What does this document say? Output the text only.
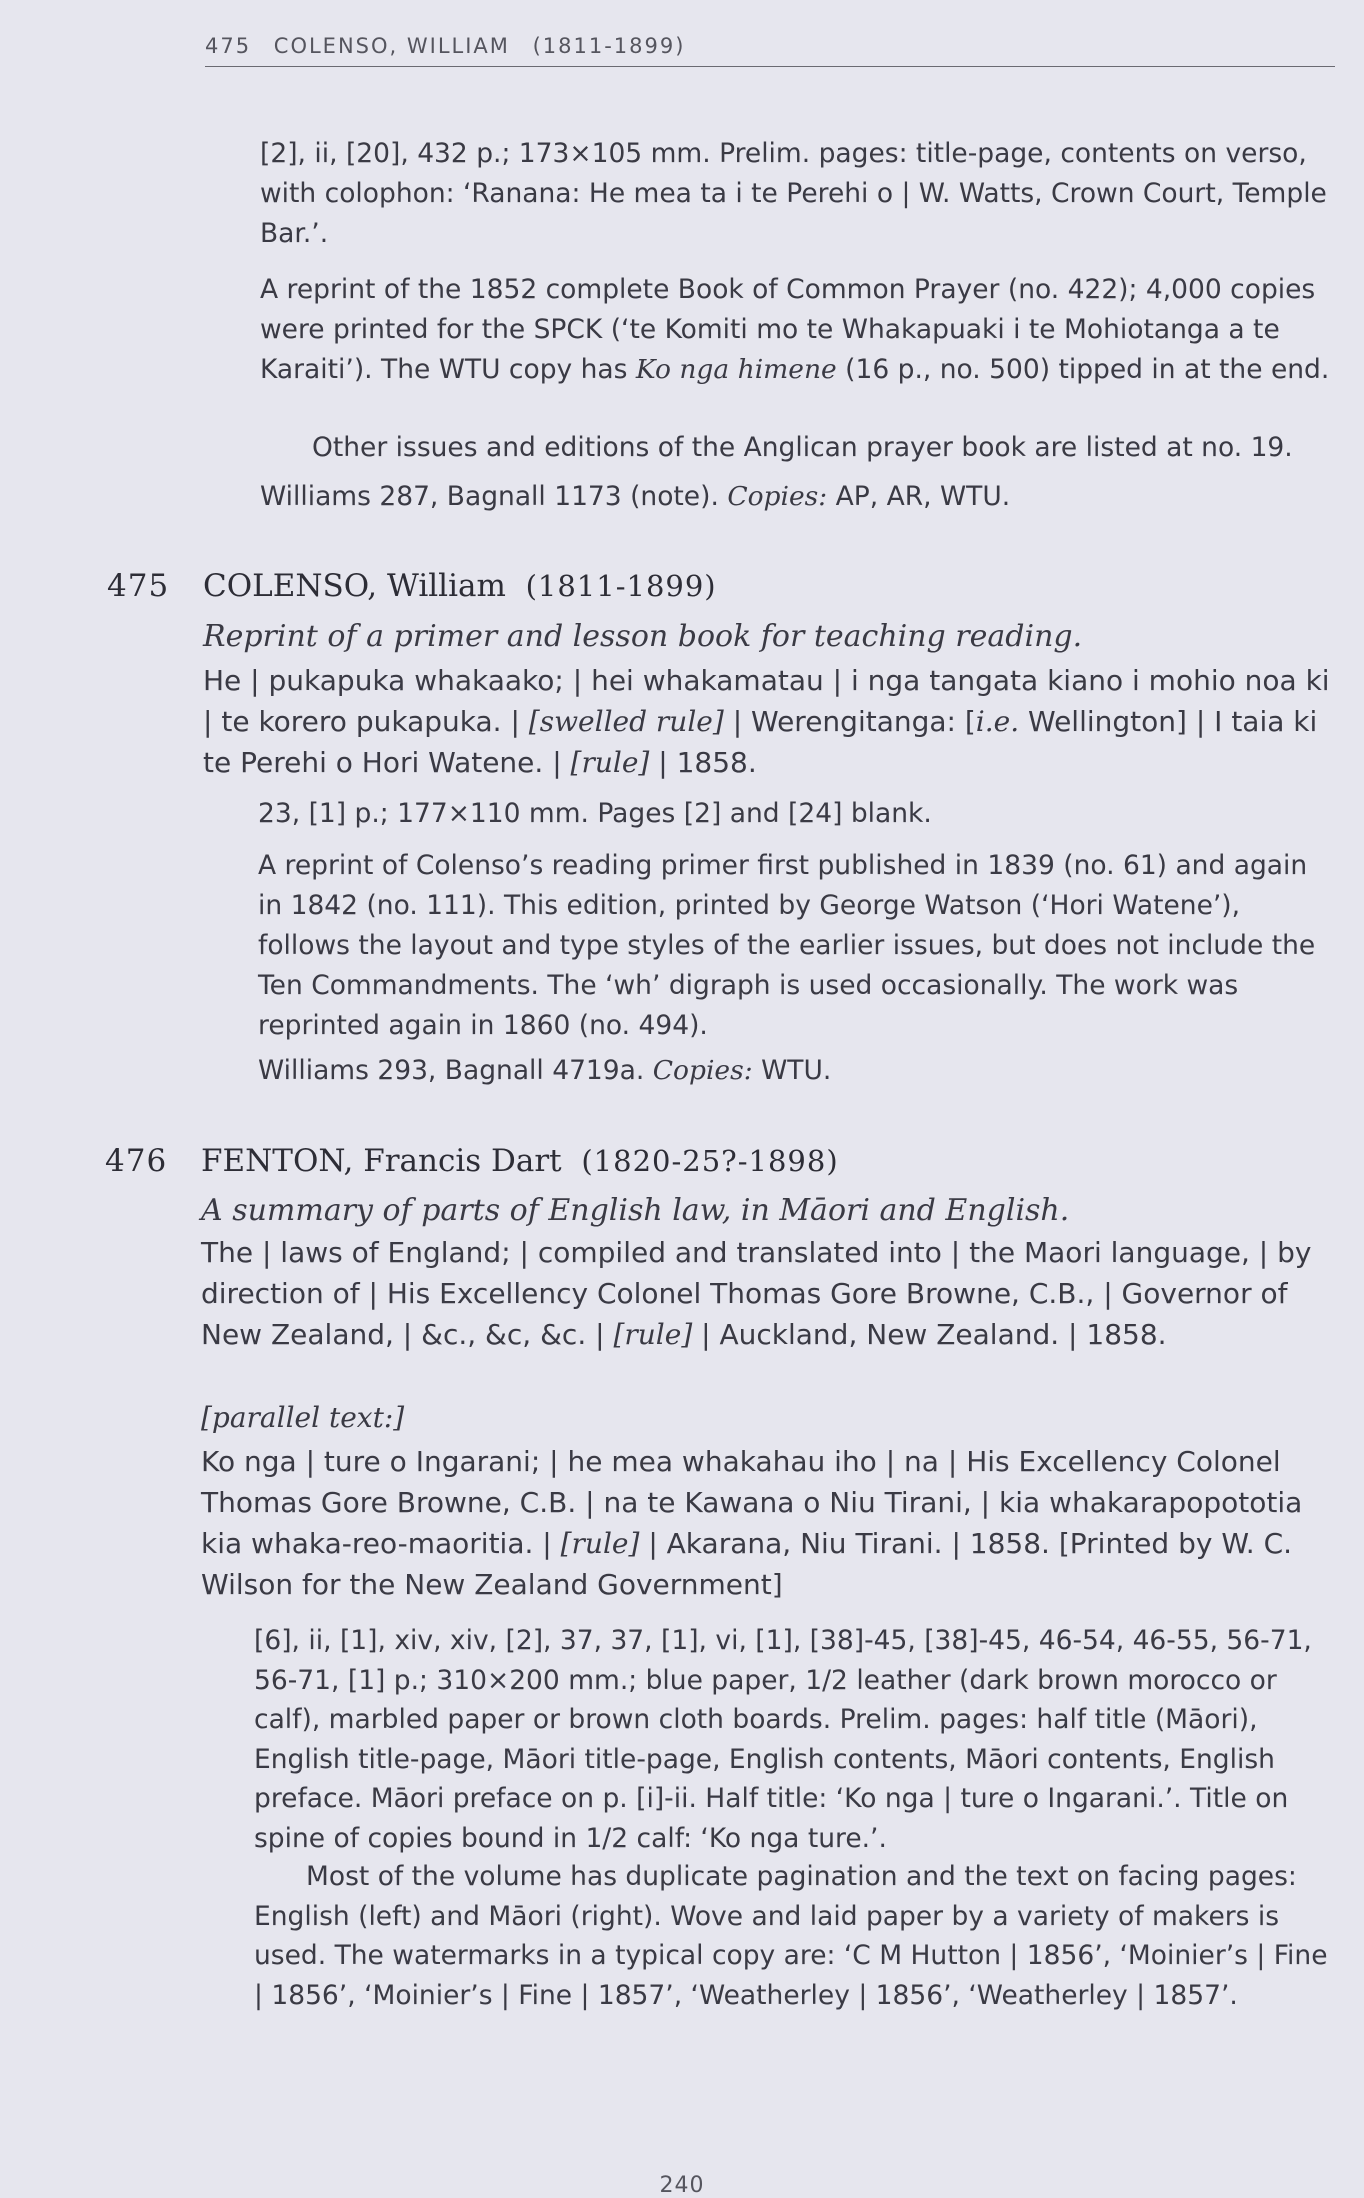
475 COLENSO, WILLIAM (1811-1899)
[2], ii, [20], 432 p.; 173×105 mm. Prelim. pages: title-page, contents on verso, with colophon: ‘Ranana: He mea ta i te Perehi o | W. Watts, Crown Court, Temple Bar.’.
A reprint of the 1852 complete Book of Common Prayer (no. 422); 4,000 copies were printed for the SPCK (‘te Komiti mo te Whakapuaki i te Mohiotanga a te Karaiti’). The WTU copy has Ko nga himene (16 p., no. 500) tipped in at the end.
Other issues and editions of the Anglican prayer book are listed at no. 19.
Williams 287, Bagnall 1173 (note). Copies: AP, AR, WTU.
475 COLENSO, William (1811-1899)
Reprint of a primer and lesson book for teaching reading.
He | pukapuka whakaako; | hei whakamatau | i nga tangata kiano i mohio noa ki | te korero pukapuka. | [swelled rule] | Werengitanga: [i.e. Wellington] | I taia ki te Perehi o Hori Watene. | [rule] | 1858.
23, [1] p.; 177×110 mm. Pages [2] and [24] blank.
A reprint of Colenso’s reading primer first published in 1839 (no. 61) and again in 1842 (no. 111). This edition, printed by George Watson (‘Hori Watene’), follows the layout and type styles of the earlier issues, but does not include the Ten Commandments. The ‘wh’ digraph is used occasionally. The work was reprinted again in 1860 (no. 494).
Williams 293, Bagnall 4719a. Copies: WTU.
476 FENTON, Francis Dart (1820-25?-1898)
A summary of parts of English law, in Māori and English.
The | laws of England; | compiled and translated into | the Maori language, | by direction of | His Excellency Colonel Thomas Gore Browne, C.B., | Governor of New Zealand, | &c., &c, &c. | [rule] | Auckland, New Zealand. | 1858.
[parallel text:]
Ko nga | ture o Ingarani; | he mea whakahau iho | na | His Excellency Colonel Thomas Gore Browne, C.B. | na te Kawana o Niu Tirani, | kia whakarapopototia kia whaka-reo-maoritia. | [rule] | Akarana, Niu Tirani. | 1858. [Printed by W. C. Wilson for the New Zealand Government]
[6], ii, [1], xiv, xiv, [2], 37, 37, [1], vi, [1], [38]-45, [38]-45, 46-54, 46-55, 56-71, 56-71, [1] p.; 310×200 mm.; blue paper, 1/2 leather (dark brown morocco or calf), marbled paper or brown cloth boards. Prelim. pages: half title (Māori), English title-page, Māori title-page, English contents, Māori contents, English preface. Māori preface on p. [i]-ii. Half title: ‘Ko nga | ture o Ingarani.’. Title on spine of copies bound in 1/2 calf: ‘Ko nga ture.’.
Most of the volume has duplicate pagination and the text on facing pages: English (left) and Māori (right). Wove and laid paper by a variety of makers is used. The watermarks in a typical copy are: ‘C M Hutton | 1856’, ‘Moinier’s | Fine | 1856’, ‘Moinier’s | Fine | 1857’, ‘Weatherley | 1856’, ‘Weatherley | 1857’.
240
